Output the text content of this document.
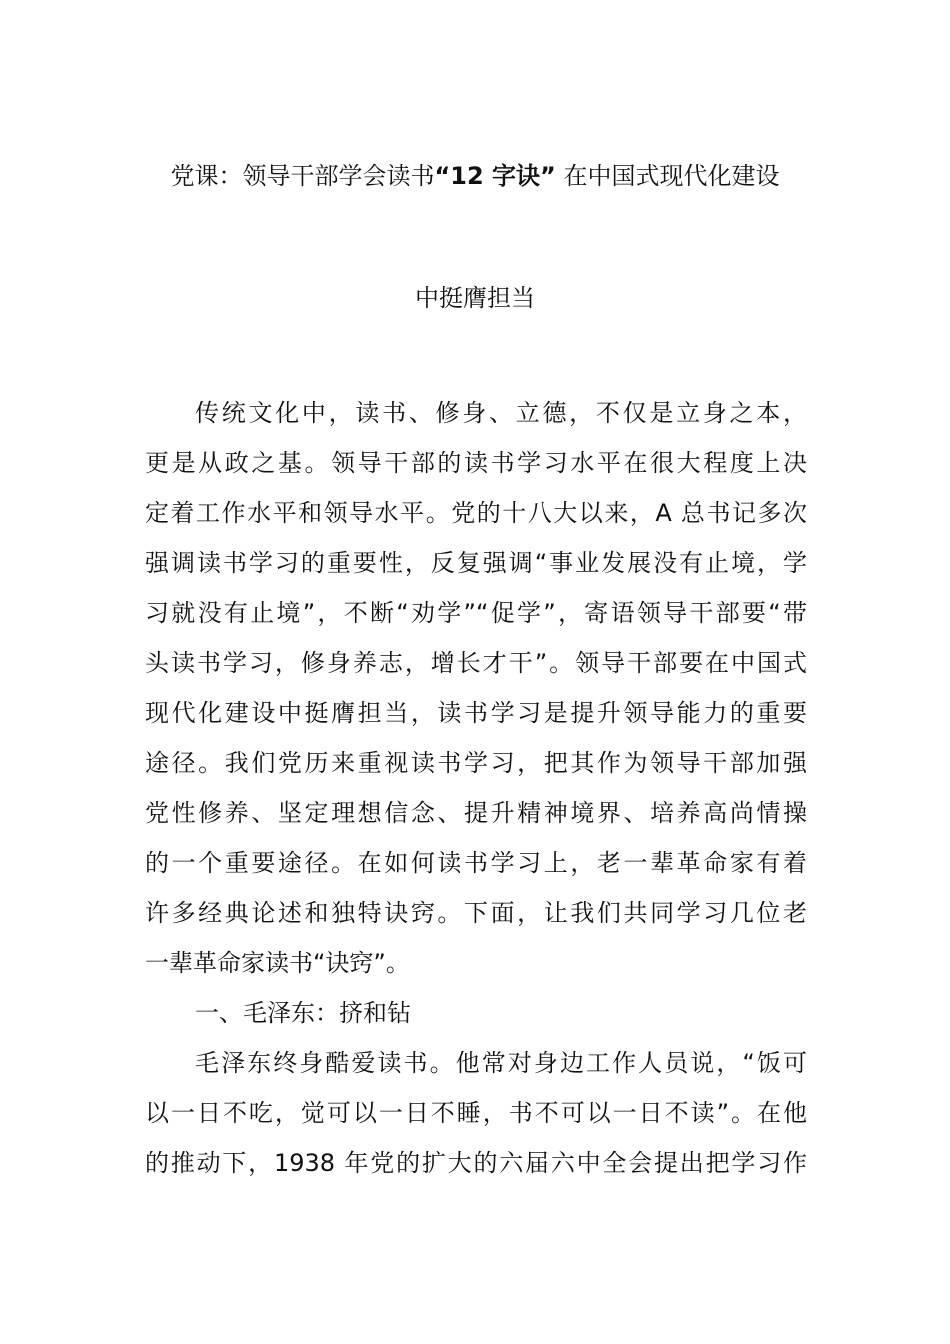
党课：领导干部学会读书“12 字诀” 在中国式现代化建设
中挺膺担当
传统文化中，读书、修身、立德，不仅是立身之本，
更是从政之基。领导干部的读书学习水平在很大程度上决
定着工作水平和领导水平。党的十八大以来，A 总书记多次
强调读书学习的重要性，反复强调“事业发展没有止境，学
习就没有止境”，不断“劝学”“促学”，寄语领导干部要“带
头读书学习，修身养志，增长才干”。领导干部要在中国式
现代化建设中挺膺担当，读书学习是提升领导能力的重要
途径。我们党历来重视读书学习，把其作为领导干部加强
党性修养、坚定理想信念、提升精神境界、培养高尚情操
的一个重要途径。在如何读书学习上，老一辈革命家有着
许多经典论述和独特诀窍。下面，让我们共同学习几位老
一辈革命家读书“诀窍”。
一、毛泽东：挤和钻
毛泽东终身酷爱读书。他常对身边工作人员说，“饭可
以一日不吃，觉可以一日不睡，书不可以一日不读”。在他
的推动下，1938 年党的扩大的六届六中全会提出把学习作
